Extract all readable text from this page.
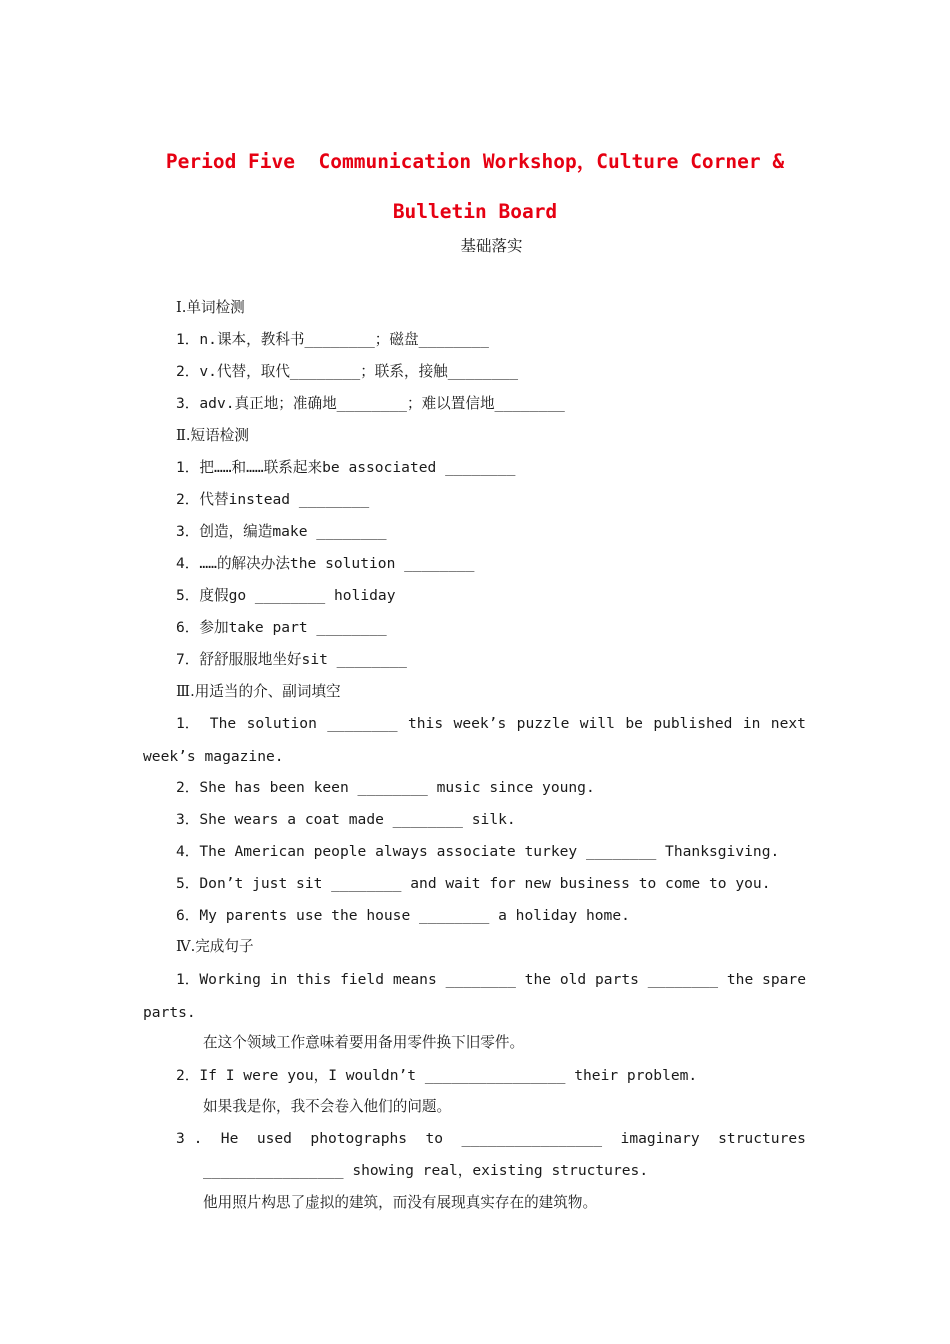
Period Five  Communication Workshop，Culture Corner &
Bulletin Board
基础落实
Ⅰ.单词检测
1．n.课本，教科书________；磁盘________
2．v.代替，取代________；联系，接触________
3．adv.真正地；准确地________；难以置信地________
Ⅱ.短语检测
1．把……和……联系起来be associated ________
2．代替instead ________
3．创造，编造make ________
4．……的解决办法the solution ________
5．度假go ________ holiday
6．参加take part ________
7．舒舒服服地坐好sit ________
Ⅲ.用适当的介、副词填空
1． The solution ________ this week’s puzzle will be published in next
week’s magazine.
2．She has been keen ________ music since young.
3．She wears a coat made ________ silk.
4．The American people always associate turkey ________ Thanksgiving.
5．Don’t just sit ________ and wait for new business to come to you.
6．My parents use the house ________ a holiday home.
Ⅳ.完成句子
1．Working in this field means ________ the old parts ________ the spare
parts.
在这个领域工作意味着要用备用零件换下旧零件。
2．If I were you，I wouldn’t ________________ their problem.
如果我是你，我不会卷入他们的问题。
3 . He used photographs to ________________ imaginary structures
________________ showing real，existing structures.
他用照片构思了虚拟的建筑，而没有展现真实存在的建筑物。
